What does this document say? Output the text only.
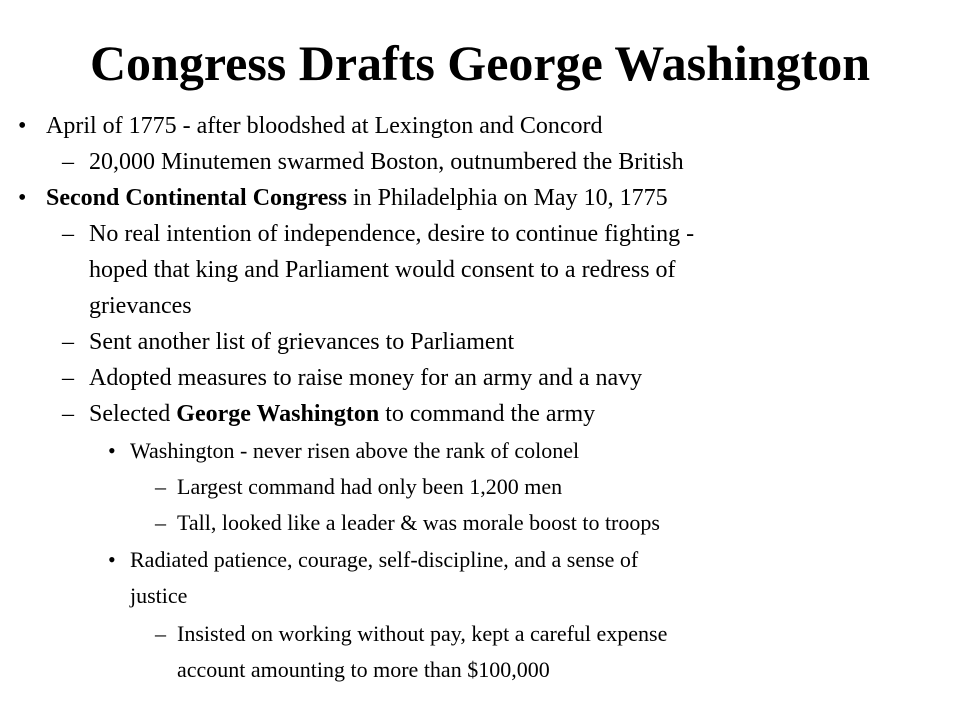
Congress Drafts George Washington
• April of 1775 - after bloodshed at Lexington and Concord
– 20,000 Minutemen swarmed Boston, outnumbered the British
• Second Continental Congress in Philadelphia on May 10, 1775
– No real intention of independence, desire to continue fighting -
hoped that king and Parliament would consent to a redress of
grievances
– Sent another list of grievances to Parliament
– Adopted measures to raise money for an army and a navy
– Selected George Washington to command the army
• Washington - never risen above the rank of colonel
– Largest command had only been 1,200 men
– Tall, looked like a leader & was morale boost to troops
• Radiated patience, courage, self-discipline, and a sense of
justice
– Insisted on working without pay, kept a careful expense
account amounting to more than $100,000
